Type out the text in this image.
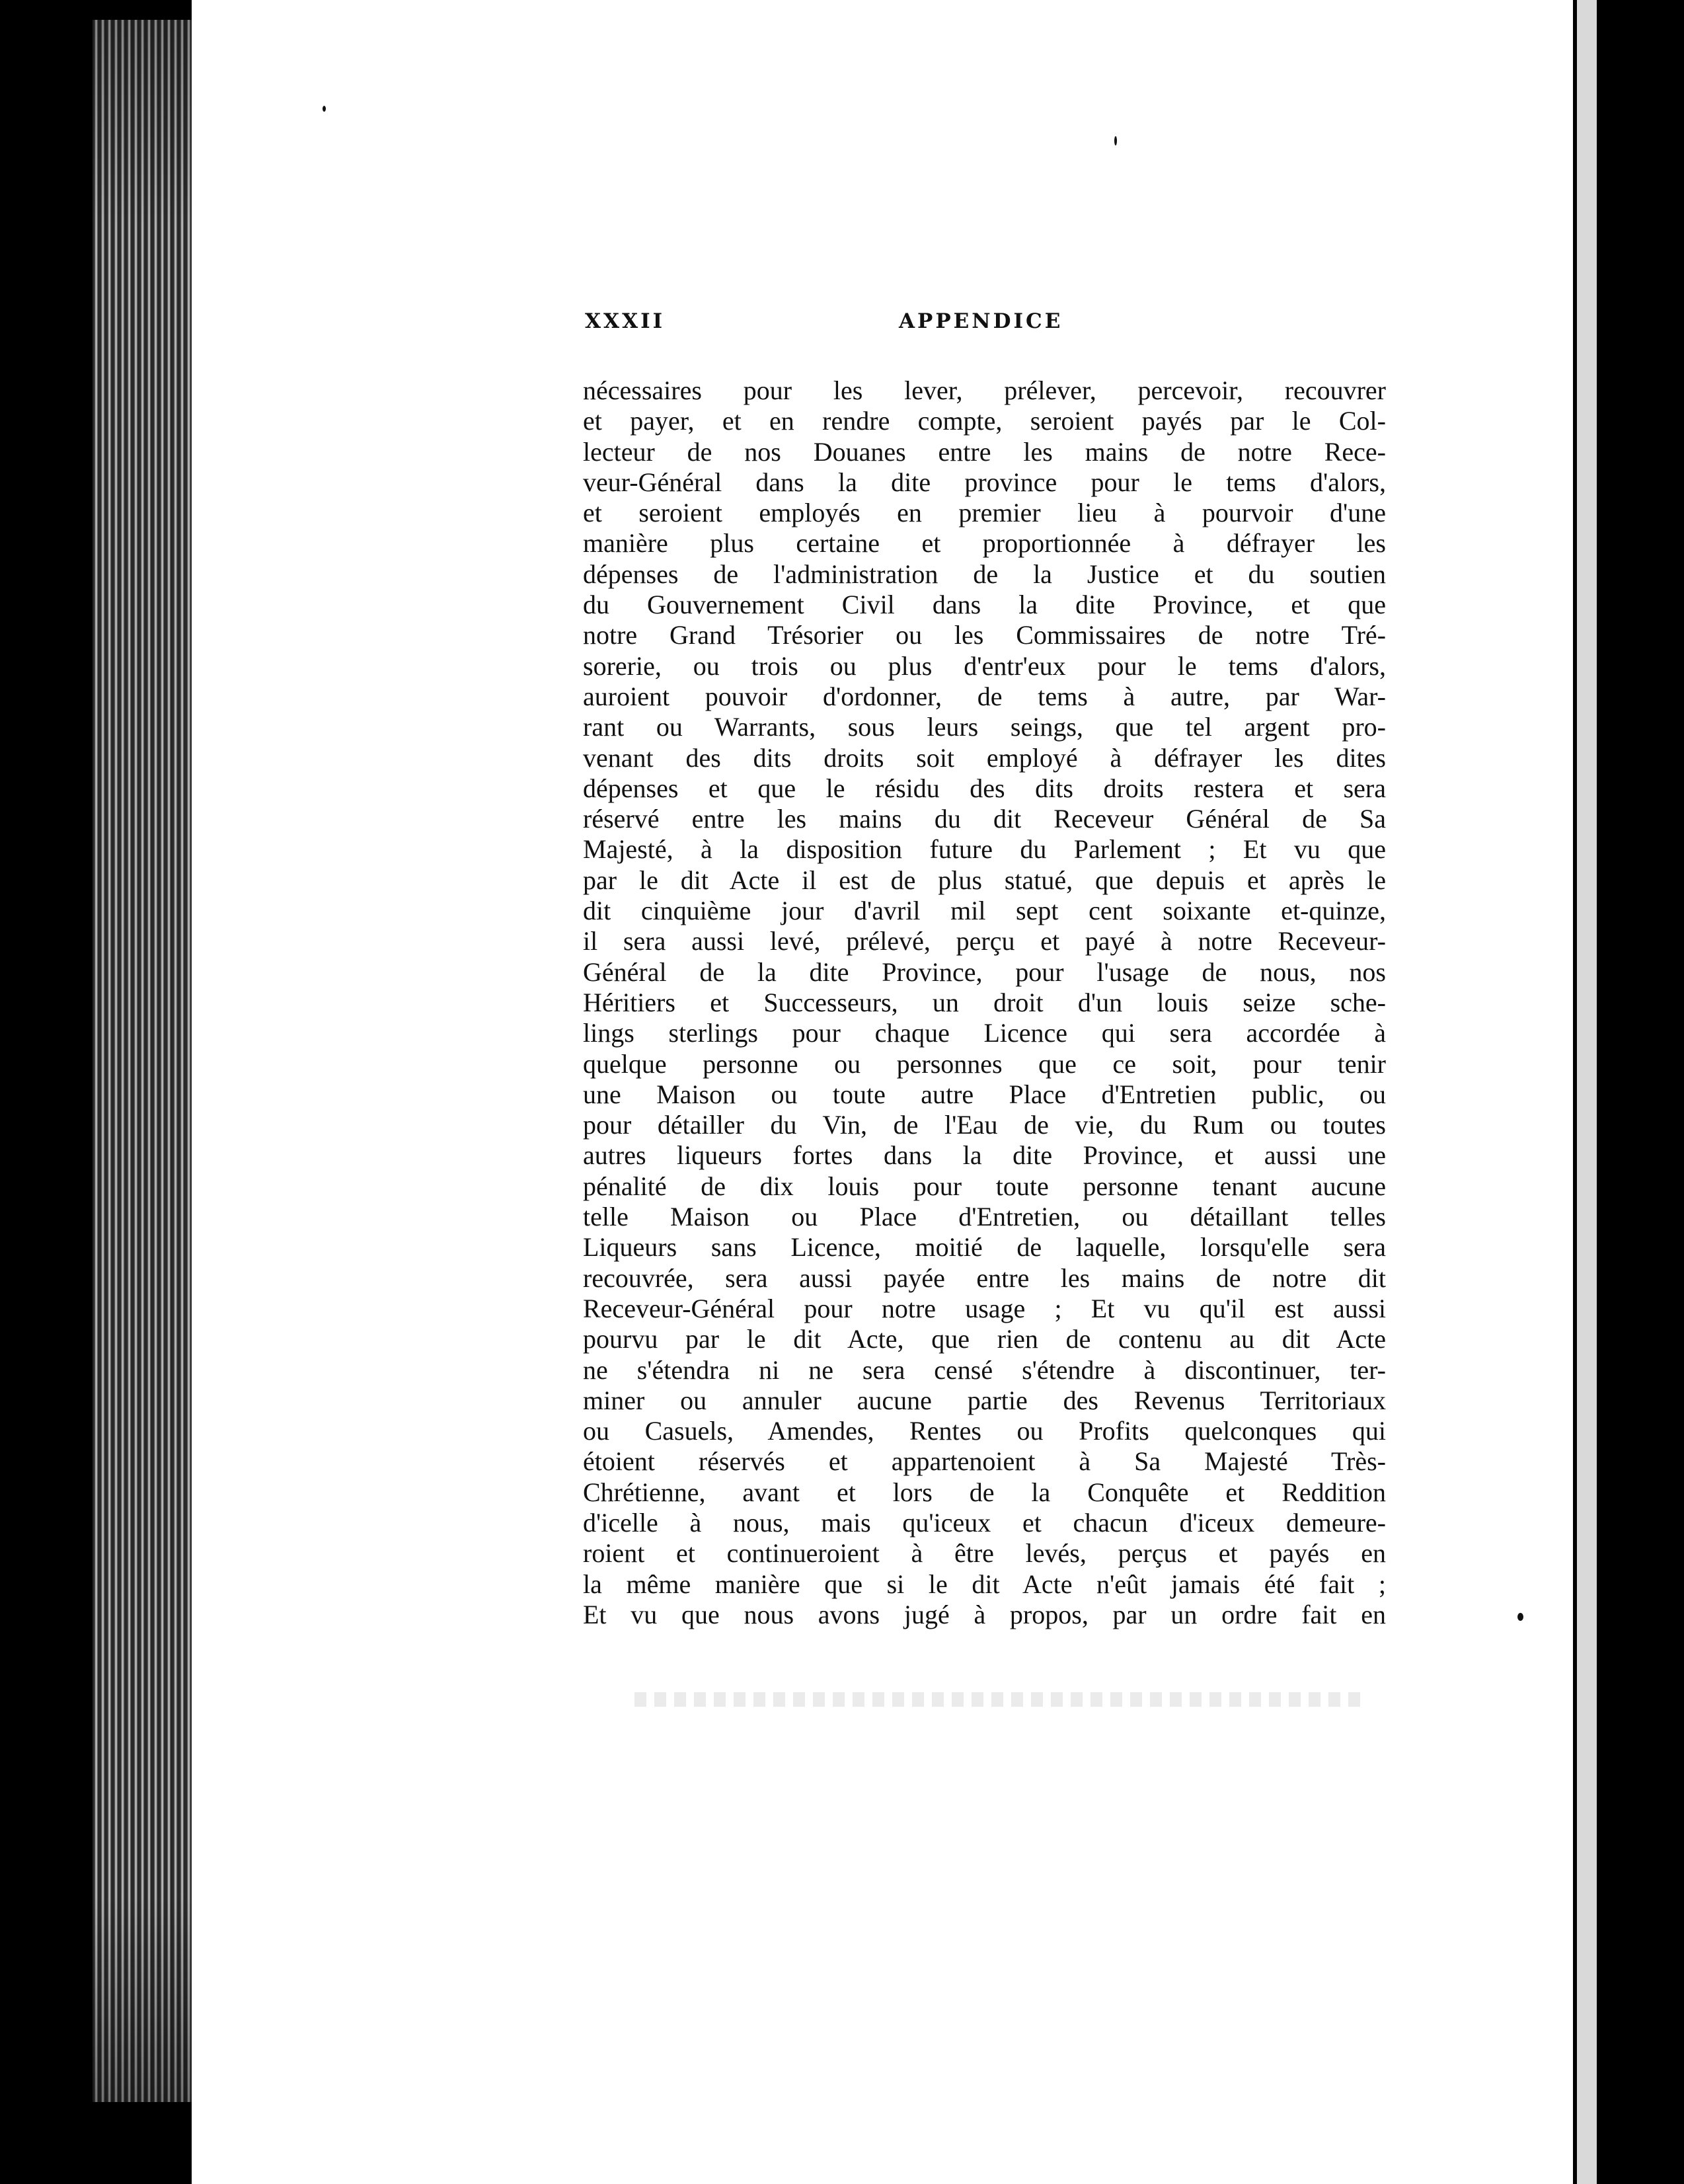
XXXII	APPENDICE
nécessaires pour les lever, prélever, percevoir, recouvrer
et payer, et en rendre compte, seroient payés par le Col-
lecteur de nos Douanes entre les mains de notre Rece-
veur-Général dans la dite province pour le tems d'alors,
et seroient employés en premier lieu à pourvoir d'une
manière plus certaine et proportionnée à défrayer les
dépenses de l'administration de la Justice et du soutien
du Gouvernement Civil dans la dite Province, et que
notre Grand Trésorier ou les Commissaires de notre Tré-
sorerie, ou trois ou plus d'entr'eux pour le tems d'alors,
auroient pouvoir d'ordonner, de tems à autre, par War-
rant ou Warrants, sous leurs seings, que tel argent pro-
venant des dits droits soit employé à défrayer les dites
dépenses et que le résidu des dits droits restera et sera
réservé entre les mains du dit Receveur Général de Sa
Majesté, à la disposition future du Parlement ; Et vu que
par le dit Acte il est de plus statué, que depuis et après le
dit cinquième jour d'avril mil sept cent soixante et-quinze,
il sera aussi levé, prélevé, perçu et payé à notre Receveur-
Général de la dite Province, pour l'usage de nous, nos
Héritiers et Successeurs, un droit d'un louis seize sche-
lings sterlings pour chaque Licence qui sera accordée à
quelque personne ou personnes que ce soit, pour tenir
une Maison ou toute autre Place d'Entretien public, ou
pour détailler du Vin, de l'Eau de vie, du Rum ou toutes
autres liqueurs fortes dans la dite Province, et aussi une
pénalité de dix louis pour toute personne tenant aucune
telle Maison ou Place d'Entretien, ou détaillant telles
Liqueurs sans Licence, moitié de laquelle, lorsqu'elle sera
recouvrée, sera aussi payée entre les mains de notre dit
Receveur-Général pour notre usage ; Et vu qu'il est aussi
pourvu par le dit Acte, que rien de contenu au dit Acte
ne s'étendra ni ne sera censé s'étendre à discontinuer, ter-
miner ou annuler aucune partie des Revenus Territoriaux
ou Casuels, Amendes, Rentes ou Profits quelconques qui
étoient réservés et appartenoient à Sa Majesté Très-
Chrétienne, avant et lors de la Conquête et Reddition
d'icelle à nous, mais qu'iceux et chacun d'iceux demeure-
roient et continueroient à être levés, perçus et payés en
la même manière que si le dit Acte n'eût jamais été fait ;
Et vu que nous avons jugé à propos, par un ordre fait en
